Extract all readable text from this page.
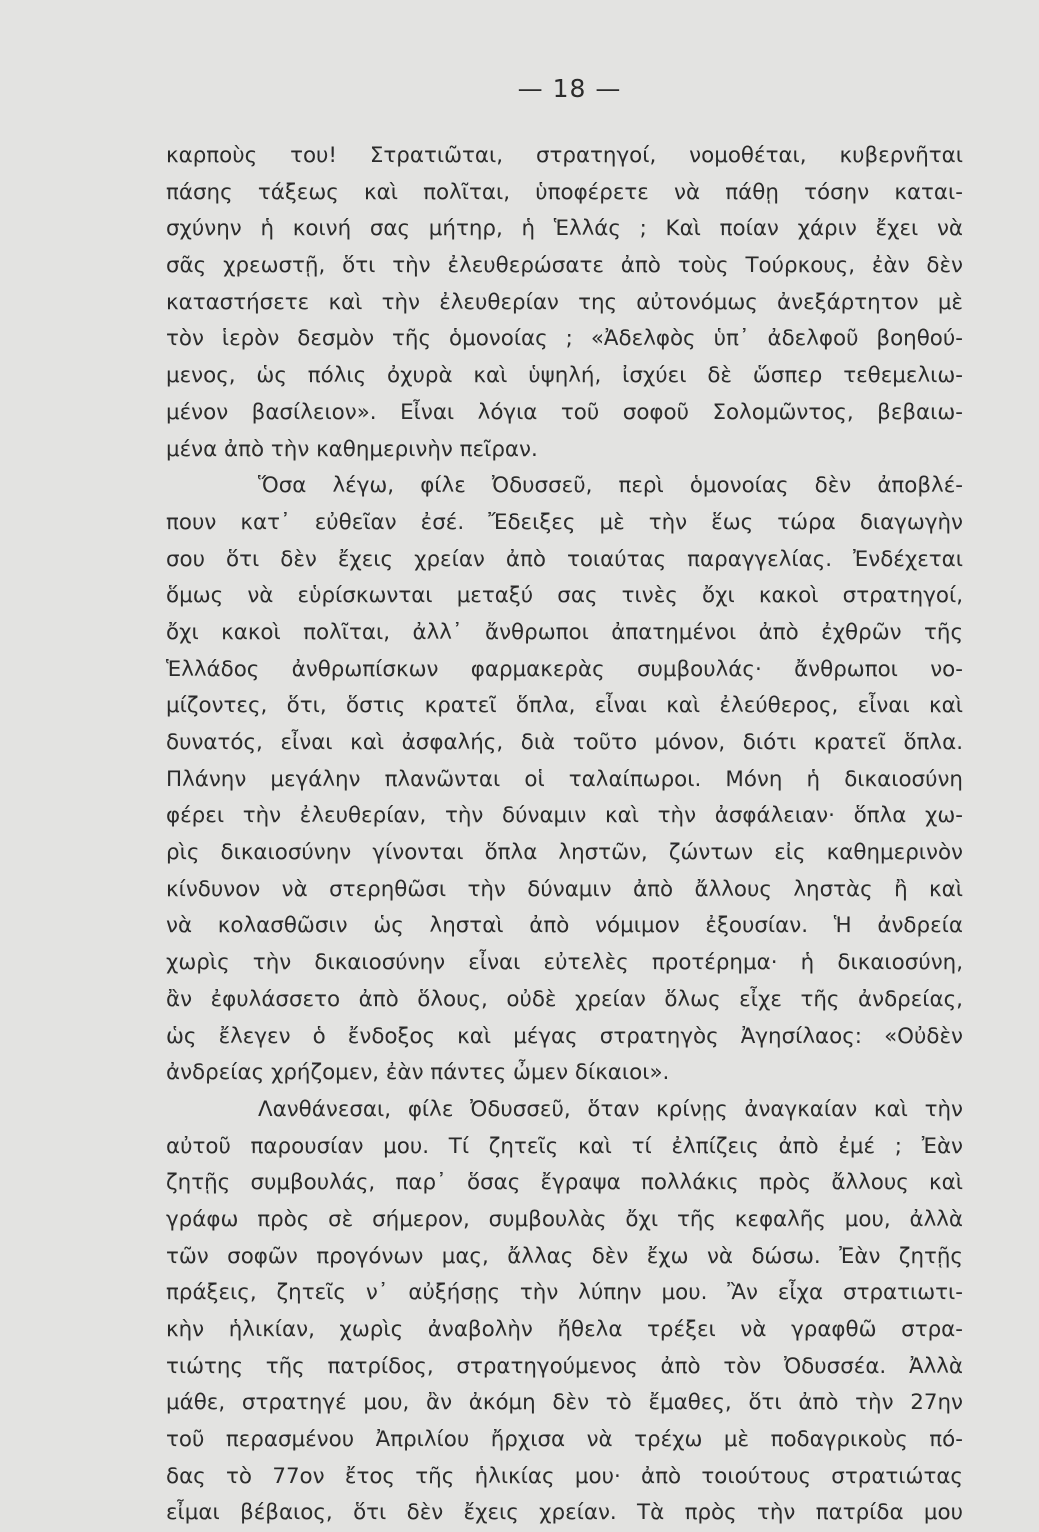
— 18 —
καρποὺς του! Στρατιῶται, στρατηγοί, νομοθέται, κυβερνῆται
πάσης τάξεως καὶ πολῖται, ὑποφέρετε νὰ πάθῃ τόσην καται-
σχύνην ἡ κοινή σας μήτηρ, ἡ Ἑλλάς ; Καὶ ποίαν χάριν ἔχει νὰ
σᾶς χρεωστῇ, ὅτι τὴν ἐλευθερώσατε ἀπὸ τοὺς Τούρκους, ἐὰν δὲν
καταστήσετε καὶ τὴν ἐλευθερίαν της αὐτονόμως ἀνεξάρτητον μὲ
τὸν ἱερὸν δεσμὸν τῆς ὁμονοίας ; «Ἀδελφὸς ὑπ᾽ ἀδελφοῦ βοηθού-
μενος, ὡς πόλις ὀχυρὰ καὶ ὑψηλή, ἰσχύει δὲ ὥσπερ τεθεμελιω-
μένον βασίλειον». Εἶναι λόγια τοῦ σοφοῦ Σολομῶντος, βεβαιω-
μένα ἀπὸ τὴν καθημερινὴν πεῖραν.
Ὅσα λέγω, φίλε Ὀδυσσεῦ, περὶ ὁμονοίας δὲν ἀποβλέ-
πουν κατ᾽ εὐθεῖαν ἐσέ. Ἔδειξες μὲ τὴν ἕως τώρα διαγωγὴν
σου ὅτι δὲν ἔχεις χρείαν ἀπὸ τοιαύτας παραγγελίας. Ἐνδέχεται
ὅμως νὰ εὑρίσκωνται μεταξύ σας τινὲς ὄχι κακοὶ στρατηγοί,
ὄχι κακοὶ πολῖται, ἀλλ᾽ ἄνθρωποι ἀπατημένοι ἀπὸ ἐχθρῶν τῆς
Ἑλλάδος ἀνθρωπίσκων φαρμακερὰς συμβουλάς· ἄνθρωποι νο-
μίζοντες, ὅτι, ὅστις κρατεῖ ὅπλα, εἶναι καὶ ἐλεύθερος, εἶναι καὶ
δυνατός, εἶναι καὶ ἀσφαλής, διὰ τοῦτο μόνον, διότι κρατεῖ ὅπλα.
Πλάνην μεγάλην πλανῶνται οἱ ταλαίπωροι. Μόνη ἡ δικαιοσύνη
φέρει τὴν ἐλευθερίαν, τὴν δύναμιν καὶ τὴν ἀσφάλειαν· ὅπλα χω-
ρὶς δικαιοσύνην γίνονται ὅπλα ληστῶν, ζώντων εἰς καθημερινὸν
κίνδυνον νὰ στερηθῶσι τὴν δύναμιν ἀπὸ ἄλλους ληστὰς ἢ καὶ
νὰ κολασθῶσιν ὡς λησταὶ ἀπὸ νόμιμον ἐξουσίαν. Ἡ ἀνδρεία
χωρὶς τὴν δικαιοσύνην εἶναι εὐτελὲς προτέρημα· ἡ δικαιοσύνη,
ἂν ἐφυλάσσετο ἀπὸ ὅλους, οὐδὲ χρείαν ὅλως εἶχε τῆς ἀνδρείας,
ὡς ἔλεγεν ὁ ἔνδοξος καὶ μέγας στρατηγὸς Ἀγησίλαος: «Οὐδὲν
ἀνδρείας χρήζομεν, ἐὰν πάντες ὦμεν δίκαιοι».
Λανθάνεσαι, φίλε Ὀδυσσεῦ, ὅταν κρίνῃς ἀναγκαίαν καὶ τὴν
αὐτοῦ παρουσίαν μου. Τί ζητεῖς καὶ τί ἐλπίζεις ἀπὸ ἐμέ ; Ἐὰν
ζητῇς συμβουλάς, παρ᾽ ὅσας ἔγραψα πολλάκις πρὸς ἄλλους καὶ
γράφω πρὸς σὲ σήμερον, συμβουλὰς ὄχι τῆς κεφαλῆς μου, ἀλλὰ
τῶν σοφῶν προγόνων μας, ἄλλας δὲν ἔχω νὰ δώσω. Ἐὰν ζητῇς
πράξεις, ζητεῖς ν᾽ αὐξήσῃς τὴν λύπην μου. Ἂν εἶχα στρατιωτι-
κὴν ἡλικίαν, χωρὶς ἀναβολὴν ἤθελα τρέξει νὰ γραφθῶ στρα-
τιώτης τῆς πατρίδος, στρατηγούμενος ἀπὸ τὸν Ὀδυσσέα. Ἀλλὰ
μάθε, στρατηγέ μου, ἂν ἀκόμη δὲν τὸ ἔμαθες, ὅτι ἀπὸ τὴν 27ην
τοῦ περασμένου Ἀπριλίου ἤρχισα νὰ τρέχω μὲ ποδαγρικοὺς πό-
δας τὸ 77ον ἔτος τῆς ἡλικίας μου· ἀπὸ τοιούτους στρατιώτας
εἶμαι βέβαιος, ὅτι δὲν ἔχεις χρείαν. Τὰ πρὸς τὴν πατρίδα μου
